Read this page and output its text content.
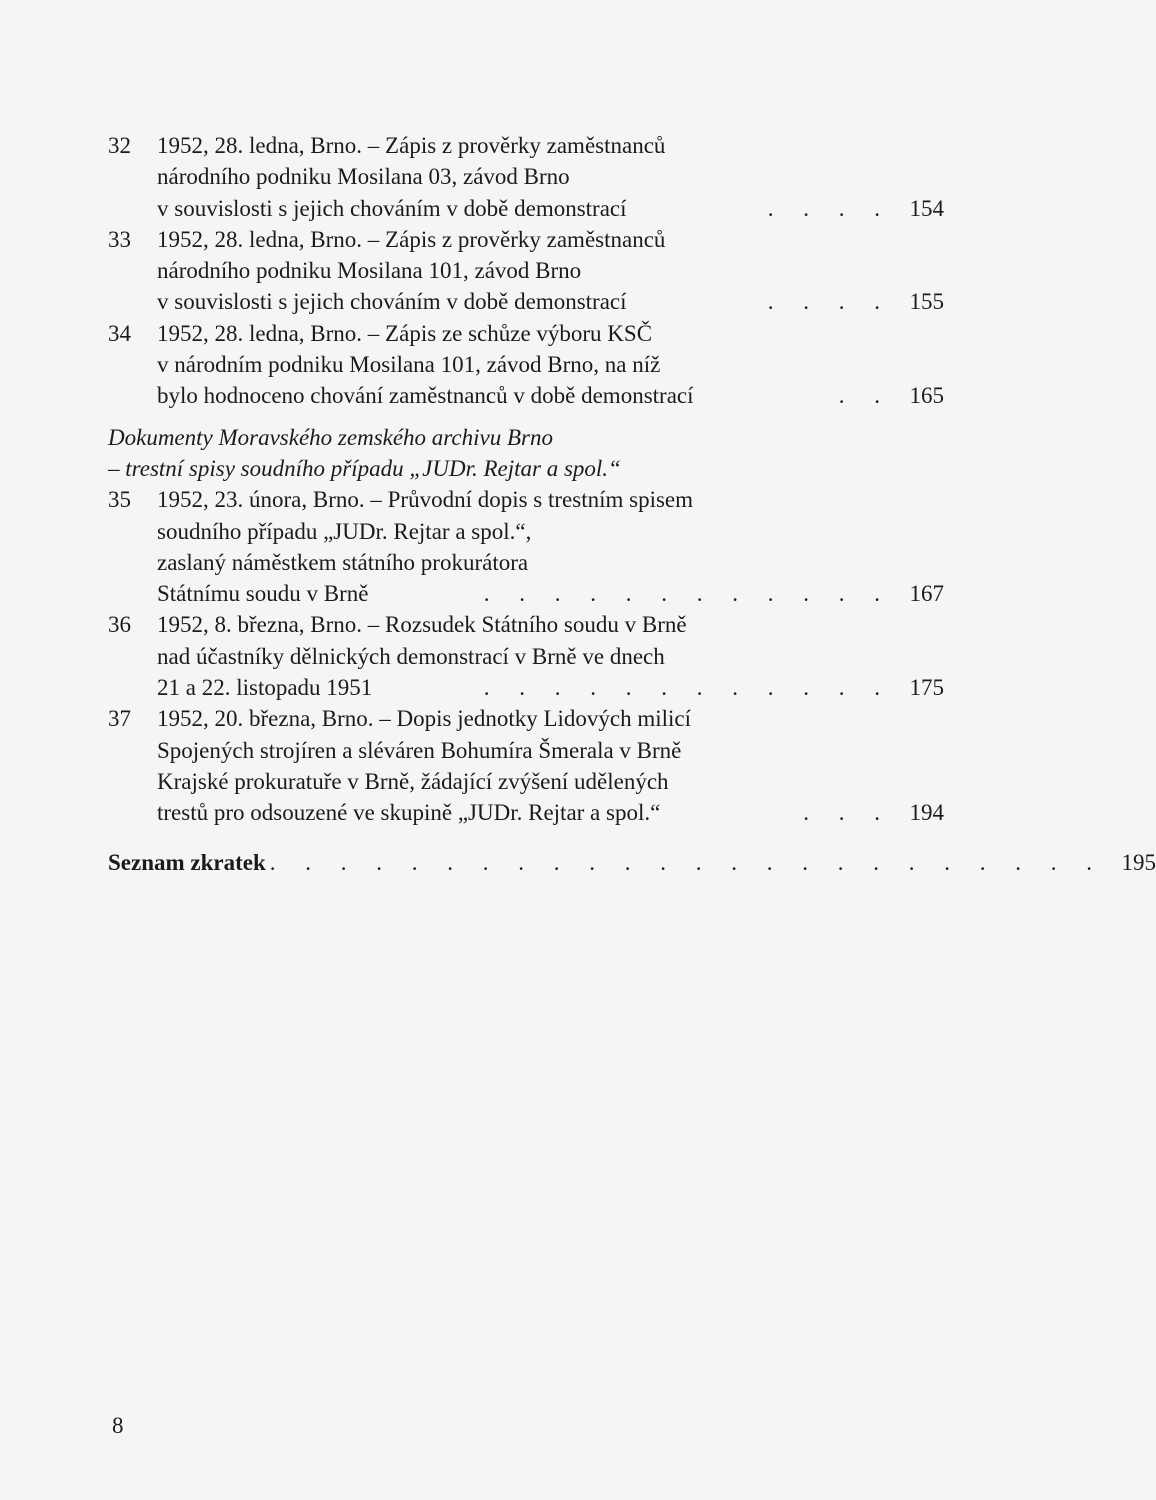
32 1952, 28. ledna, Brno. – Zápis z prověrky zaměstnanců
národního podniku Mosilana 03, závod Brno
v souvislosti s jejich chováním v době demonstrací	. . . . 154
33 1952, 28. ledna, Brno. – Zápis z prověrky zaměstnanců
národního podniku Mosilana 101, závod Brno
v souvislosti s jejich chováním v době demonstrací	. . . . 155
34 1952, 28. ledna, Brno. – Zápis ze schůze výboru KSČ
v národním podniku Mosilana 101, závod Brno, na níž
bylo hodnoceno chování zaměstnanců v době demonstrací	. . 165
Dokumenty Moravského zemského archivu Brno
– trestní spisy soudního případu „JUDr. Rejtar a spol.“
35 1952, 23. února, Brno. – Průvodní dopis s trestním spisem
soudního případu „JUDr. Rejtar a spol.“,
zaslaný náměstkem státního prokurátora
Státnímu soudu v Brně	. . . . . . . . . . . . 167
36 1952, 8. března, Brno. – Rozsudek Státního soudu v Brně
nad účastníky dělnických demonstrací v Brně ve dnech
21 a 22. listopadu 1951	. . . . . . . . . . . . 175
37 1952, 20. března, Brno. – Dopis jednotky Lidových milicí
Spojených strojíren a sléváren Bohumíra Šmerala v Brně
Krajské prokuratuře v Brně, žádající zvýšení udělených
trestů pro odsouzené ve skupině „JUDr. Rejtar a spol.“	. . . 194
Seznam zkratek . . . . . . . . . . . . . . . . . . . . . . . . 195
8
